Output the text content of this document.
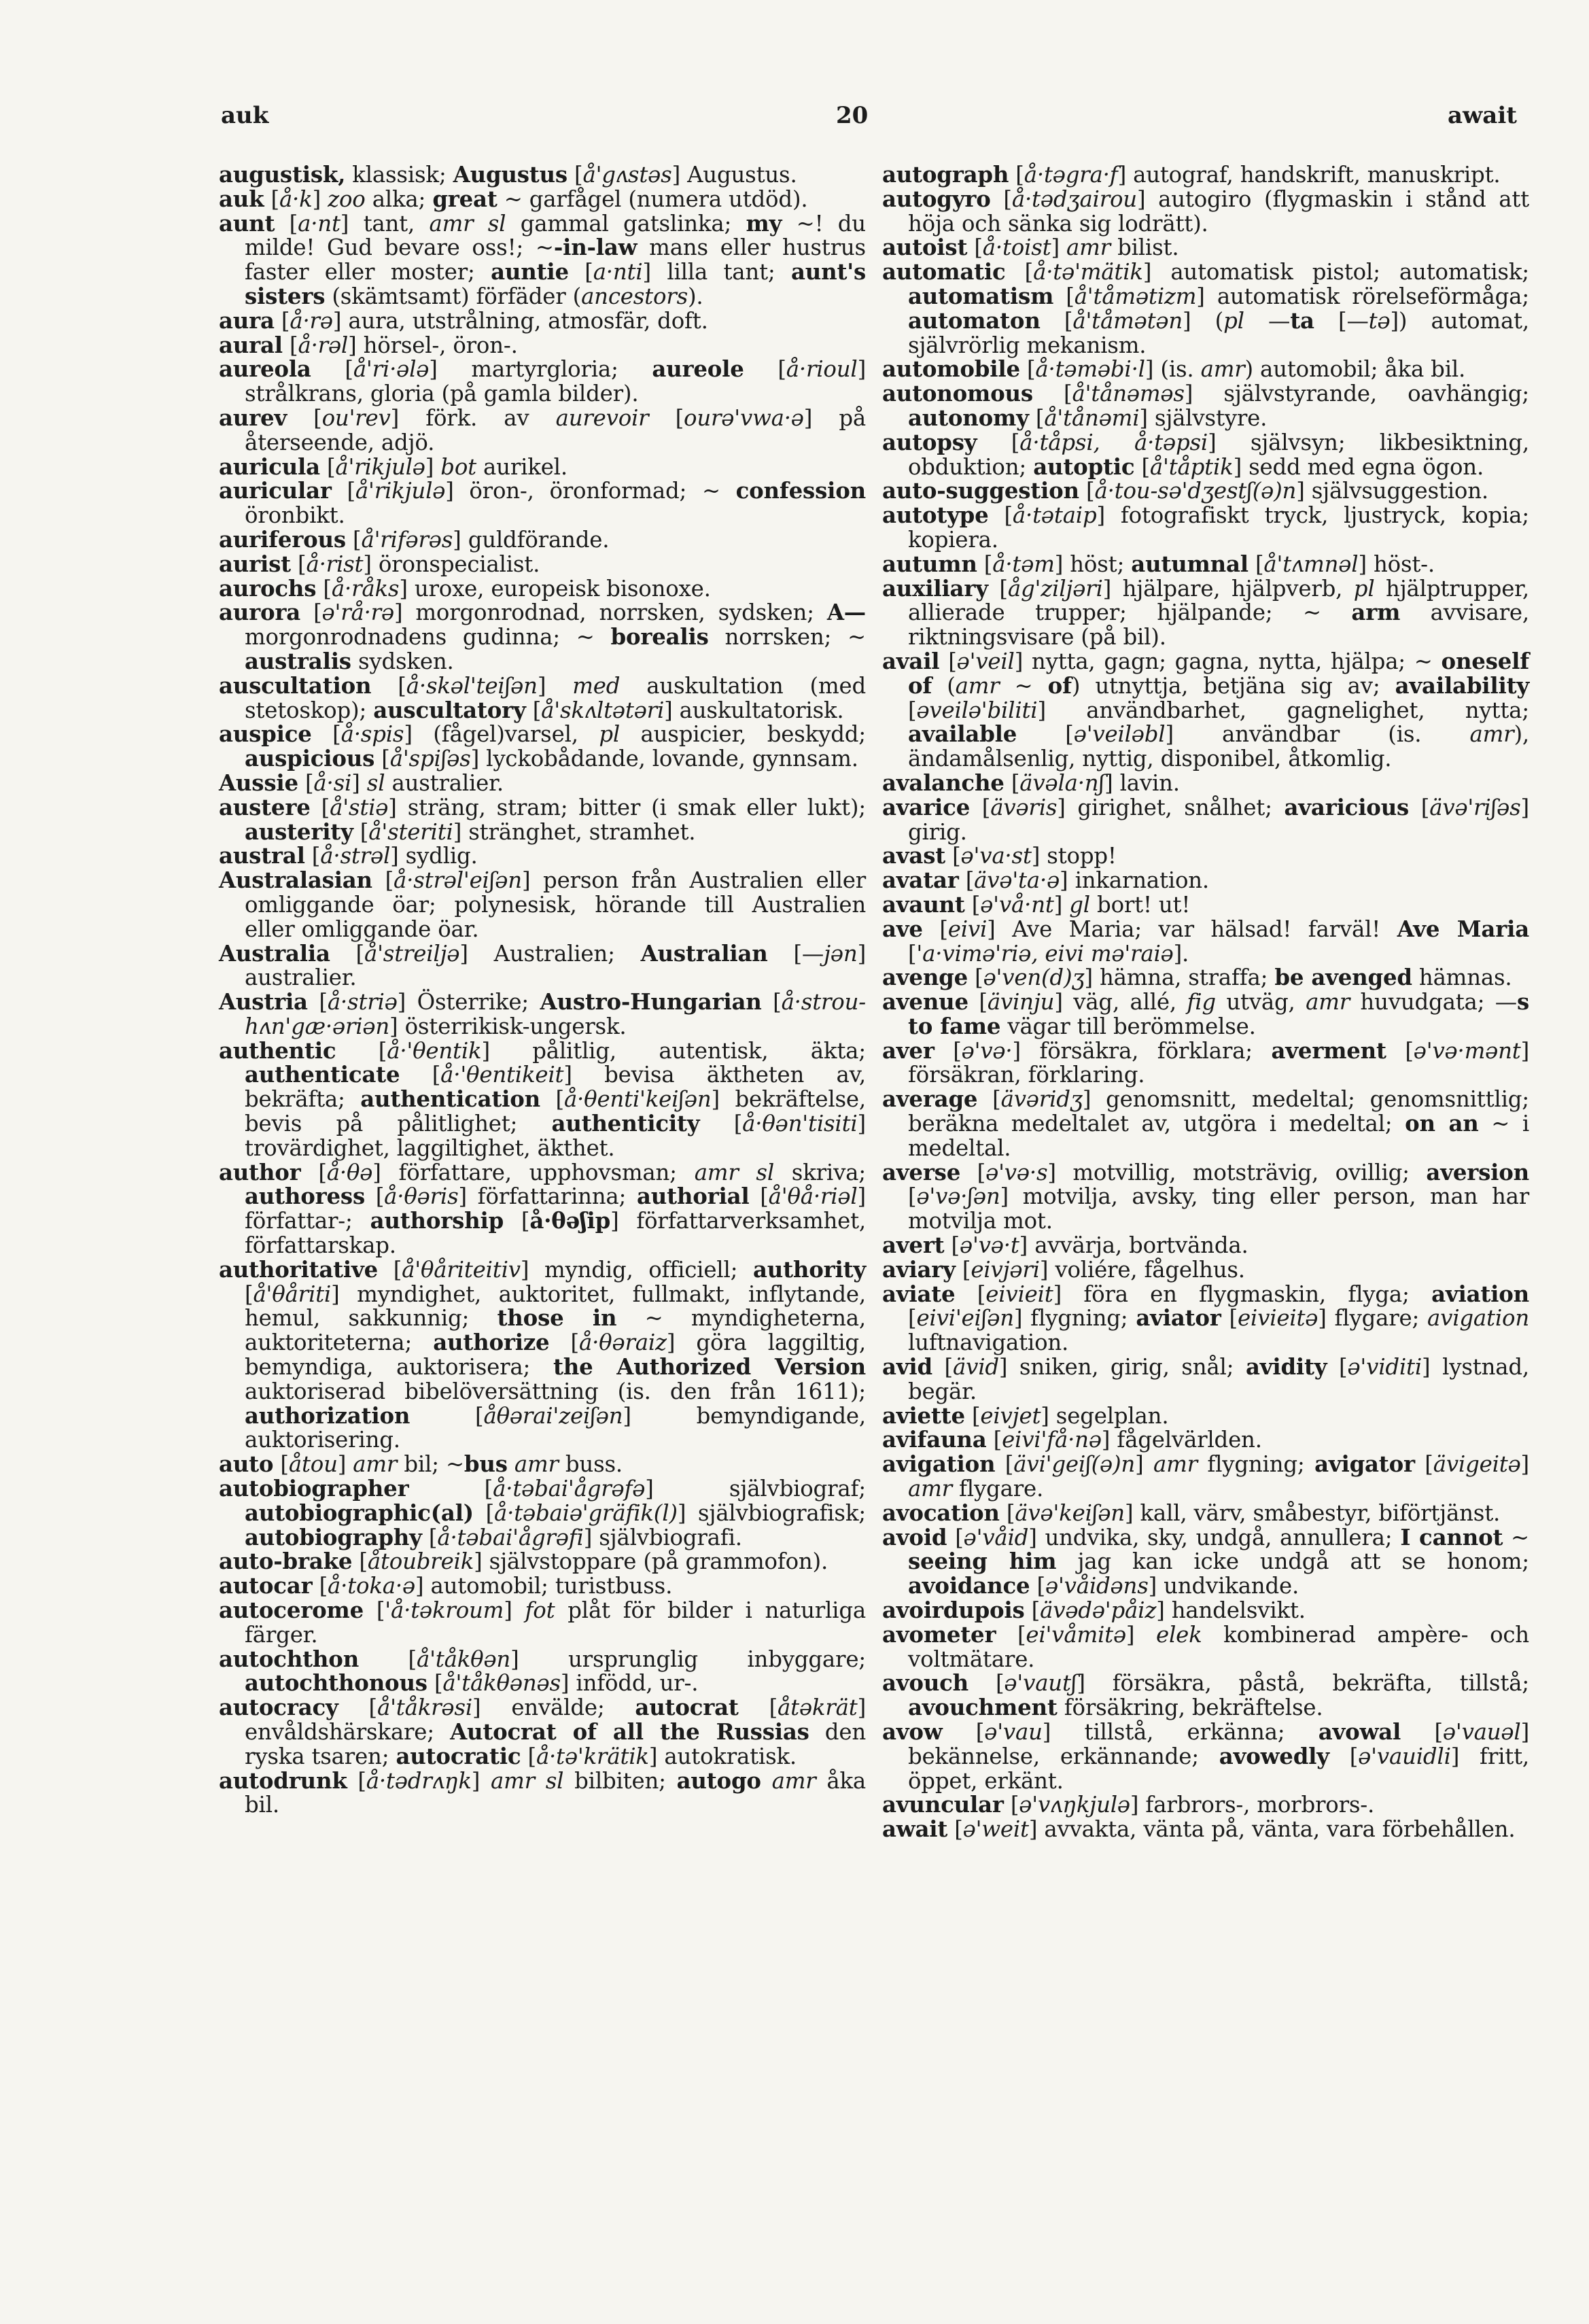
auk	20	await
augustisk, klassisk; Augustus [å'gʌstəs] Augustus.
auk [å·k] zoo alka; great ~ garfågel (numera utdöd).
aunt [a·nt] tant, amr sl gammal gatslinka; my ~! du milde! Gud bevare oss!; ~-in-law mans eller hustrus faster eller moster; auntie [a·nti] lilla tant; aunt's sisters (skämtsamt) förfäder (ancestors).
aura [å·rə] aura, utstrålning, atmosfär, doft.
aural [å·rəl] hörsel-, öron-.
aureola [å'ri·ələ] martyrgloria; aureole [å·rioul] strålkrans, gloria (på gamla bilder).
aurev [ou'rev] förk. av aurevoir [ourə'vwa·ə] på återseende, adjö.
auricula [å'rikjulə] bot aurikel.
auricular [å'rikjulə] öron-, öronformad; ~ confession öronbikt.
auriferous [å'rifərəs] guldförande.
aurist [å·rist] öronspecialist.
aurochs [å·råks] uroxe, europeisk bisonoxe.
aurora [ə'rå·rə] morgonrodnad, norrsken, sydsken; A— morgonrodnadens gudinna; ~ borealis norrsken; ~ australis sydsken.
auscultation [å·skəl'teiʃən] med auskultation (med stetoskop); auscultatory [å'skʌltətəri] auskultatorisk.
auspice [å·spis] (fågel)varsel, pl auspicier, beskydd; auspicious [å'spiʃəs] lyckobådande, lovande, gynnsam.
Aussie [å·si] sl australier.
austere [å'stiə] sträng, stram; bitter (i smak eller lukt); austerity [å'steriti] stränghet, stramhet.
austral [å·strəl] sydlig.
Australasian [å·strəl'eiʃən] person från Australien eller omliggande öar; polynesisk, hörande till Australien eller omliggande öar.
Australia [å'streiljə] Australien; Australian [—jən] australier.
Austria [å·striə] Österrike; Austro-Hungarian [å·strou-hʌn'gæ·əriən] österrikisk-ungersk.
authentic [å·'θentik] pålitlig, autentisk, äkta; authenticate [å·'θentikeit] bevisa äktheten av, bekräfta; authentication [å·θenti'keiʃən] bekräftelse, bevis på pålitlighet; authenticity [å·θən'tisiti] trovärdighet, laggiltighet, äkthet.
author [å·θə] författare, upphovsman; amr sl skriva; authoress [å·θəris] författarinna; authorial [å'θå·riəl] författar-; authorship [å·θəʃip] författarverksamhet, författarskap.
authoritative [å'θåriteitiv] myndig, officiell; authority [å'θåriti] myndighet, auktoritet, fullmakt, inflytande, hemul, sakkunnig; those in ~ myndigheterna, auktoriteterna; authorize [å·θəraiz] göra laggiltig, bemyndiga, auktorisera; the Authorized Version auktoriserad bibelöversättning (is. den från 1611); authorization [åθərai'zeiʃən] bemyndigande, auktorisering.
auto [åtou] amr bil; ~bus amr buss.
autobiographer [å·təbai'ågrəfə] självbiograf; autobiographic(al) [å·təbaiə'gräfik(l)] självbiografisk; autobiography [å·təbai'ågrəfi] självbiografi.
auto-brake [åtoubreik] självstoppare (på grammofon).
autocar [å·toka·ə] automobil; turistbuss.
autocerome ['å·təkroum] fot plåt för bilder i naturliga färger.
autochthon [å'tåkθən] ursprunglig inbyggare; autochthonous [å'tåkθənəs] infödd, ur-.
autocracy [å'tåkrəsi] envälde; autocrat [åtəkrät] envåldshärskare; Autocrat of all the Russias den ryska tsaren; autocratic [å·tə'krätik] autokratisk.
autodrunk [å·tədrʌŋk] amr sl bilbiten; autogo amr åka bil.
autograph [å·təgra·f] autograf, handskrift, manuskript.
autogyro [å·tədʒairou] autogiro (flygmaskin i stånd att höja och sänka sig lodrätt).
autoist [å·toist] amr bilist.
automatic [å·tə'mätik] automatisk pistol; automatisk; automatism [å'tåmətizm] automatisk rörelseförmåga; automaton [å'tåmətən] (pl —ta [—tə]) automat, självrörlig mekanism.
automobile [å·təməbi·l] (is. amr) automobil; åka bil.
autonomous [å'tånəməs] självstyrande, oavhängig; autonomy [å'tånəmi] självstyre.
autopsy [å·tåpsi, å·təpsi] självsyn; likbesiktning, obduktion; autoptic [å'tåptik] sedd med egna ögon.
auto-suggestion [å·tou-sə'dʒestʃ(ə)n] självsuggestion.
autotype [å·tətaip] fotografiskt tryck, ljustryck, kopia; kopiera.
autumn [å·təm] höst; autumnal [å'tʌmnəl] höst-.
auxiliary [åg'ziljəri] hjälpare, hjälpverb, pl hjälptrupper, allierade trupper; hjälpande; ~ arm avvisare, riktningsvisare (på bil).
avail [ə'veil] nytta, gagn; gagna, nytta, hjälpa; ~ oneself of (amr ~ of) utnyttja, betjäna sig av; availability [əveilə'biliti] användbarhet, gagnelighet, nytta; available [ə'veiləbl] användbar (is. amr), ändamålsenlig, nyttig, disponibel, åtkomlig.
avalanche [ävəla·nʃ] lavin.
avarice [ävəris] girighet, snålhet; avaricious [ävə'riʃəs] girig.
avast [ə'va·st] stopp!
avatar [ävə'ta·ə] inkarnation.
avaunt [ə'vå·nt] gl bort! ut!
ave [eivi] Ave Maria; var hälsad! farväl! Ave Maria ['a·vimə'riə, eivi mə'raiə].
avenge [ə'ven(d)ʒ] hämna, straffa; be avenged hämnas.
avenue [ävinju] väg, allé, fig utväg, amr huvudgata; —s to fame vägar till berömmelse.
aver [ə'və·] försäkra, förklara; averment [ə'və·mənt] försäkran, förklaring.
average [ävəridʒ] genomsnitt, medeltal; genomsnittlig; beräkna medeltalet av, utgöra i medeltal; on an ~ i medeltal.
averse [ə'və·s] motvillig, motsträvig, ovillig; aversion [ə'və·ʃən] motvilja, avsky, ting eller person, man har motvilja mot.
avert [ə'və·t] avvärja, bortvända.
aviary [eivjəri] voliére, fågelhus.
aviate [eivieit] föra en flygmaskin, flyga; aviation [eivi'eiʃən] flygning; aviator [eivieitə] flygare; avigation luftnavigation.
avid [ävid] sniken, girig, snål; avidity [ə'viditi] lystnad, begär.
aviette [eivjet] segelplan.
avifauna [eivi'få·nə] fågelvärlden.
avigation [ävi'geiʃ(ə)n] amr flygning; avigator [ävigeitə] amr flygare.
avocation [ävə'keiʃən] kall, värv, småbestyr, biförtjänst.
avoid [ə'våid] undvika, sky, undgå, annullera; I cannot ~ seeing him jag kan icke undgå att se honom; avoidance [ə'våidəns] undvikande.
avoirdupois [ävədə'påiz] handelsvikt.
avometer [ei'våmitə] elek kombinerad ampère- och voltmätare.
avouch [ə'vautʃ] försäkra, påstå, bekräfta, tillstå; avouchment försäkring, bekräftelse.
avow [ə'vau] tillstå, erkänna; avowal [ə'vauəl] bekännelse, erkännande; avowedly [ə'vauidli] fritt, öppet, erkänt.
avuncular [ə'vʌŋkjulə] farbrors-, morbrors-.
await [ə'weit] avvakta, vänta på, vänta, vara förbehållen.
